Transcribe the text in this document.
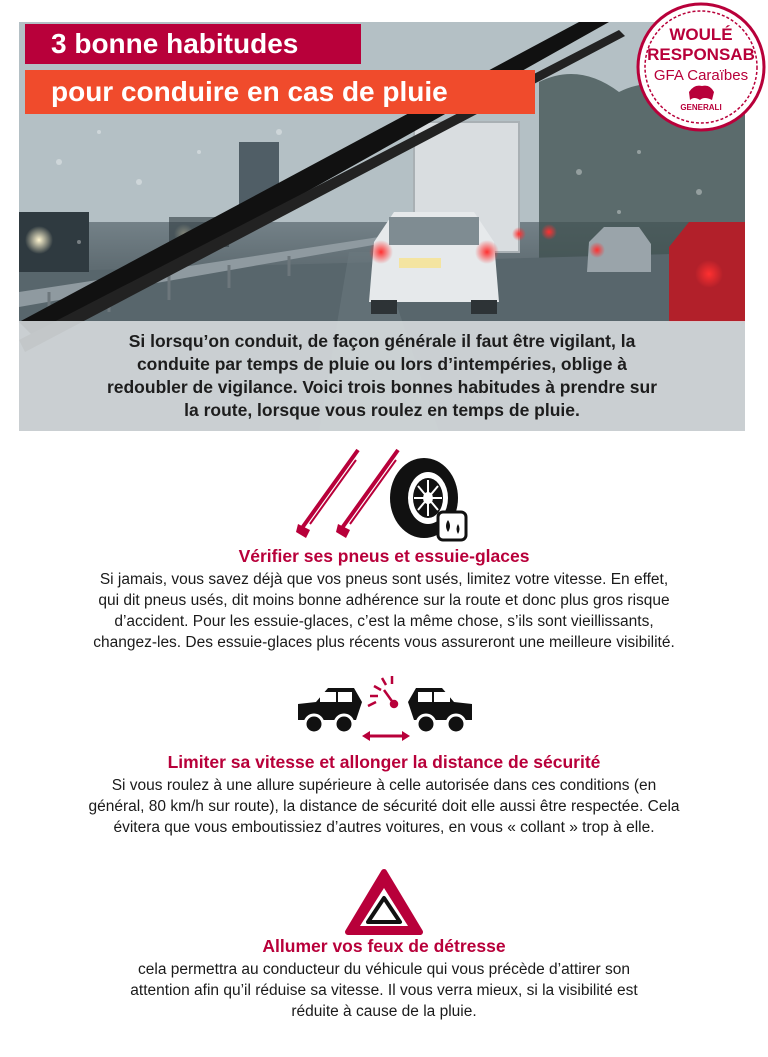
3 bonne habitudes
pour conduire en cas de pluie
WOULÉ
RESPONSAB
GFA Caraïbes
GENERALI

Si lorsqu’on conduit, de façon générale il faut être vigilant, la conduite par temps de pluie ou lors d’intempéries, oblige à redoubler de vigilance. Voici trois bonnes habitudes à prendre sur la route, lorsque vous roulez en temps de pluie.

Vérifier ses pneus et essuie-glaces

Si jamais, vous savez déjà que vos pneus sont usés, limitez votre vitesse. En effet, qui dit pneus usés, dit moins bonne adhérence sur la route et donc plus gros risque d’accident. Pour les essuie-glaces, c’est la même chose, s’ils sont vieillissants, changez-les. Des essuie-glaces plus récents vous assureront une meilleure visibilité.

Limiter sa vitesse et allonger la distance de sécurité

Si vous roulez à une allure supérieure à celle autorisée dans ces conditions (en général, 80 km/h sur route), la distance de sécurité doit elle aussi être respectée. Cela évitera que vous emboutissiez d’autres voitures, en vous « collant » trop à elle.

Allumer vos feux de détresse

cela permettra au conducteur du véhicule qui vous précède d’attirer son attention afin qu’il réduise sa vitesse. Il vous verra mieux, si la visibilité est réduite à cause de la pluie.
